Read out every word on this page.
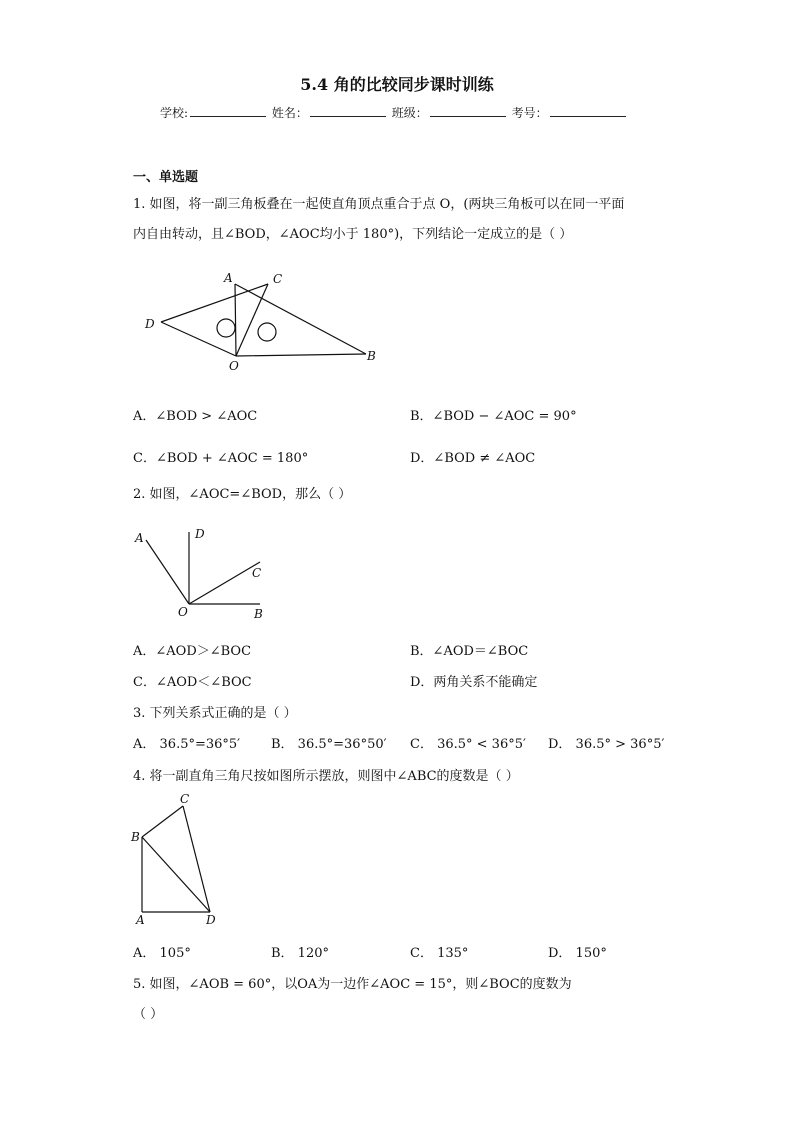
5.4 角的比较同步课时训练
学校:	姓名：	班级：	考号：
一、单选题
1. 如图，将一副三角板叠在一起使直角顶点重合于点 O，(两块三角板可以在同一平面
内自由转动，且∠BOD，∠AOC均小于 180°)，下列结论一定成立的是（ ）
A	C
D
O
B
A．∠BOD > ∠AOC	B．∠BOD − ∠AOC = 90°
C．∠BOD + ∠AOC = 180°	D．∠BOD ≠ ∠AOC
2. 如图，∠AOC=∠BOD，那么（ ）
A	D
C
O	B
A．∠AOD＞∠BOC	B．∠AOD＝∠BOC
C．∠AOD＜∠BOC	D．两角关系不能确定
3. 下列关系式正确的是（ ）
A． 36.5°=36°5′ B． 36.5°=36°50′ C． 36.5° < 36°5′ D． 36.5° > 36°5′
4. 将一副直角三角尺按如图所示摆放，则图中∠ABC的度数是（ ）
C
B
A	D
A． 105°	B． 120°	C． 135°	D． 150°
5. 如图，∠AOB = 60°，以OA为一边作∠AOC = 15°，则∠BOC的度数为
（ ）
